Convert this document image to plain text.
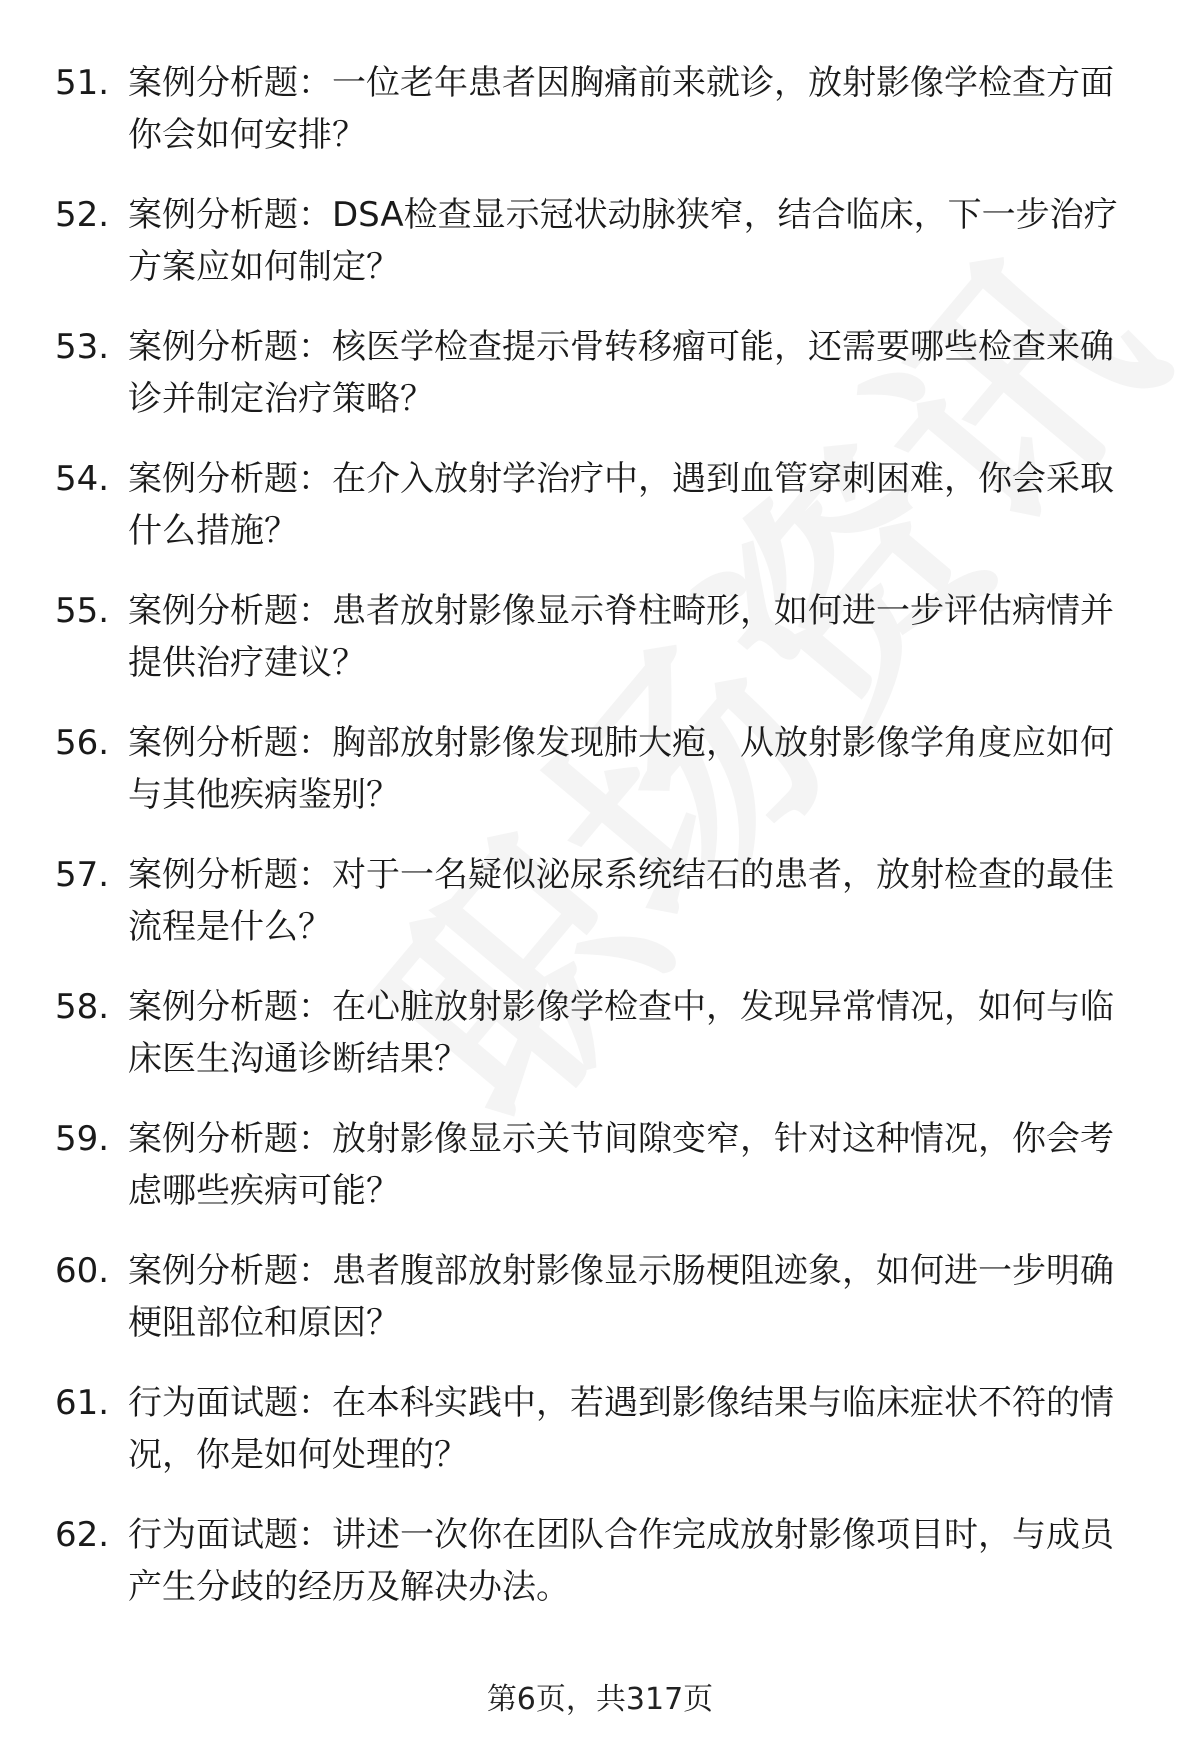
51. 案例分析题：一位老年患者因胸痛前来就诊，放射影像学检查方面你会如何安排？
52. 案例分析题：DSA检查显示冠状动脉狭窄，结合临床，下一步治疗方案应如何制定？
53. 案例分析题：核医学检查提示骨转移瘤可能，还需要哪些检查来确诊并制定治疗策略？
54. 案例分析题：在介入放射学治疗中，遇到血管穿刺困难，你会采取什么措施？
55. 案例分析题：患者放射影像显示脊柱畸形，如何进一步评估病情并提供治疗建议？
56. 案例分析题：胸部放射影像发现肺大疱，从放射影像学角度应如何与其他疾病鉴别？
57. 案例分析题：对于一名疑似泌尿系统结石的患者，放射检查的最佳流程是什么？
58. 案例分析题：在心脏放射影像学检查中，发现异常情况，如何与临床医生沟通诊断结果？
59. 案例分析题：放射影像显示关节间隙变窄，针对这种情况，你会考虑哪些疾病可能？
60. 案例分析题：患者腹部放射影像显示肠梗阻迹象，如何进一步明确梗阻部位和原因？
61. 行为面试题：在本科实践中，若遇到影像结果与临床症状不符的情况，你是如何处理的？
62. 行为面试题：讲述一次你在团队合作完成放射影像项目时，与成员产生分歧的经历及解决办法。
第6页，共317页
